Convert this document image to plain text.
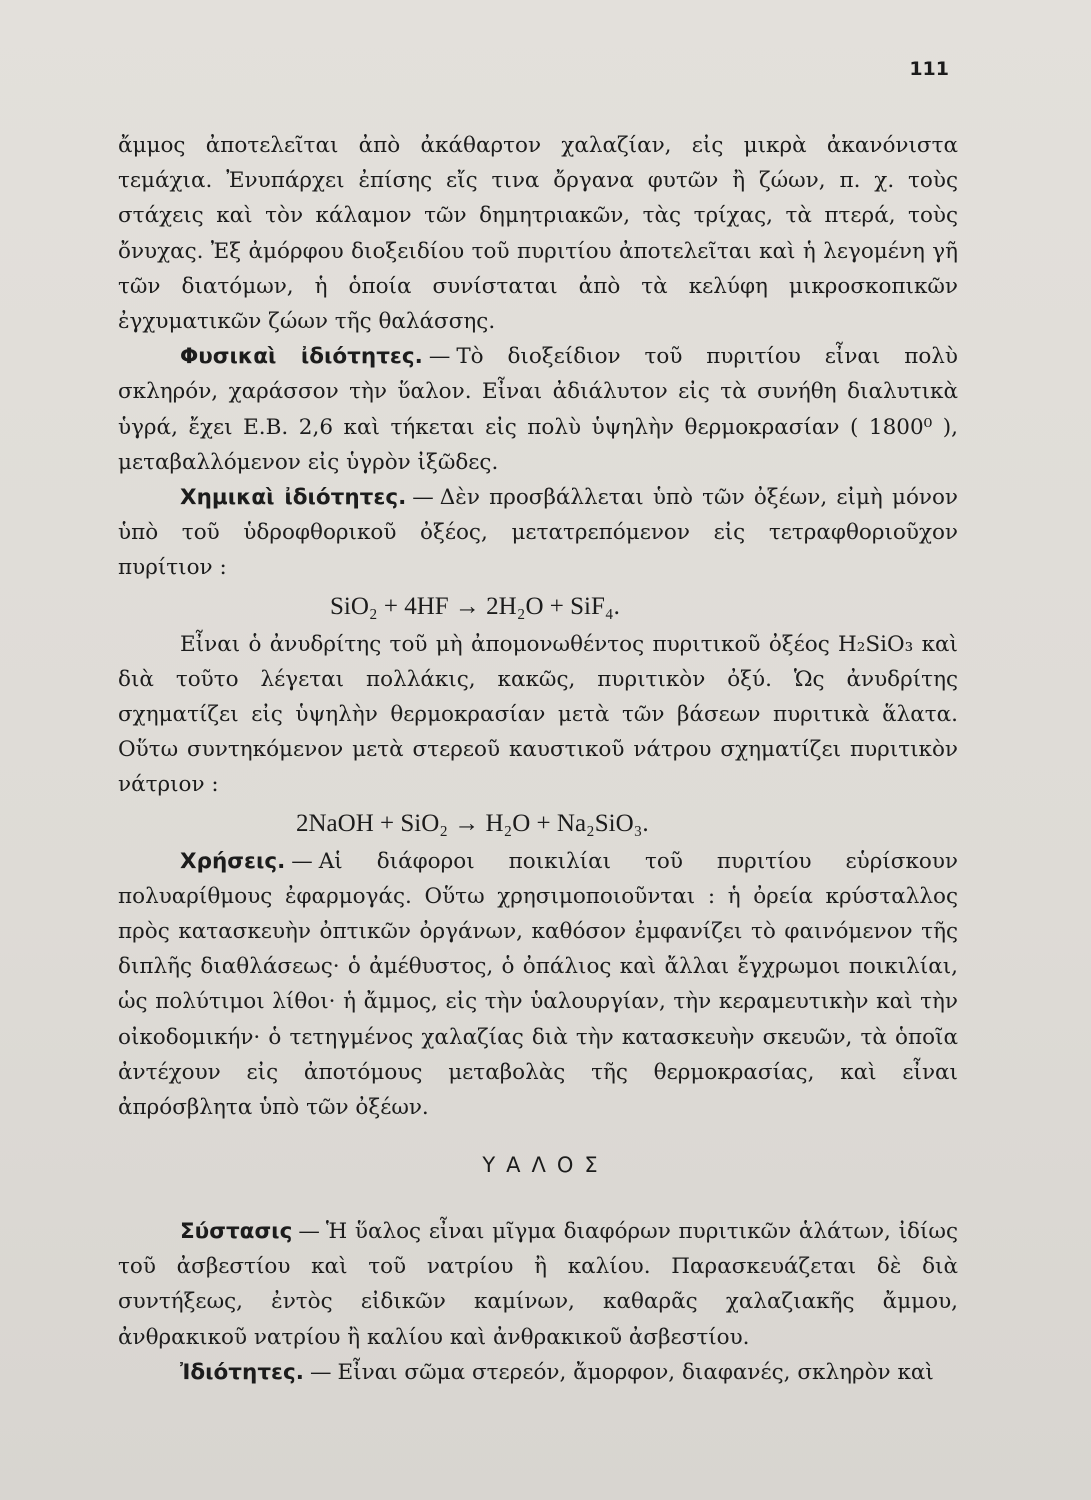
111

ἄμμος ἀποτελεῖται ἀπὸ ἀκάθαρτον χαλαζίαν, εἰς μικρὰ ἀκανόνιστα τεμάχια. Ἐνυπάρχει ἐπίσης εἴς τινα ὄργανα φυτῶν ἢ ζώων, π. χ. τοὺς στάχεις καὶ τὸν κάλαμον τῶν δημητριακῶν, τὰς τρίχας, τὰ πτερά, τοὺς ὄνυχας. Ἐξ ἀμόρφου διοξειδίου τοῦ πυριτίου ἀποτελεῖται καὶ ἡ λεγομένη γῆ τῶν διατόμων, ἡ ὁποία συνίσταται ἀπὸ τὰ κελύφη μικροσκοπικῶν ἐγχυματικῶν ζώων τῆς θαλάσσης.

Φυσικαὶ ἰδιότητες. — Τὸ διοξείδιον τοῦ πυριτίου εἶναι πολὺ σκληρόν, χαράσσον τὴν ὕαλον. Εἶναι ἀδιάλυτον εἰς τὰ συνήθη διαλυτικὰ ὑγρά, ἔχει Ε.Β. 2,6 καὶ τήκεται εἰς πολὺ ὑψηλὴν θερμοκρασίαν ( 1800⁰ ), μεταβαλλόμενον εἰς ὑγρὸν ἰξῶδες.

Χημικαὶ ἰδιότητες. — Δὲν προσβάλλεται ὑπὸ τῶν ὀξέων, εἰμὴ μόνον ὑπὸ τοῦ ὑδροφθορικοῦ ὀξέος, μετατρεπόμενον εἰς τετραφθοριοῦχον πυρίτιον :

SiO₂ + 4HF → 2H₂O + SiF₄.

Εἶναι ὁ ἀνυδρίτης τοῦ μὴ ἀπομονωθέντος πυριτικοῦ ὀξέος H₂SiO₃ καὶ διὰ τοῦτο λέγεται πολλάκις, κακῶς, πυριτικὸν ὀξύ. Ὡς ἀνυδρίτης σχηματίζει εἰς ὑψηλὴν θερμοκρασίαν μετὰ τῶν βάσεων πυριτικὰ ἅλατα. Οὕτω συντηκόμενον μετὰ στερεοῦ καυστικοῦ νάτρου σχηματίζει πυριτικὸν νάτριον :

2NaOH + SiO₂ → H₂O + Na₂SiO₃.

Χρήσεις. — Αἱ διάφοροι ποικιλίαι τοῦ πυριτίου εὑρίσκουν πολυαρίθμους ἐφαρμογάς. Οὕτω χρησιμοποιοῦνται : ἡ ὀρεία κρύσταλλος πρὸς κατασκευὴν ὀπτικῶν ὀργάνων, καθόσον ἐμφανίζει τὸ φαινόμενον τῆς διπλῆς διαθλάσεως· ὁ ἀμέθυστος, ὁ ὀπάλιος καὶ ἄλλαι ἔγχρωμοι ποικιλίαι, ὡς πολύτιμοι λίθοι· ἡ ἄμμος, εἰς τὴν ὑαλουργίαν, τὴν κεραμευτικὴν καὶ τὴν οἰκοδομικήν· ὁ τετηγμένος χαλαζίας διὰ τὴν κατασκευὴν σκευῶν, τὰ ὁποῖα ἀντέχουν εἰς ἀποτόμους μεταβολὰς τῆς θερμοκρασίας, καὶ εἶναι ἀπρόσβλητα ὑπὸ τῶν ὀξέων.

ΥΑΛΟΣ

Σύστασις — Ἡ ὕαλος εἶναι μῖγμα διαφόρων πυριτικῶν ἁλάτων, ἰδίως τοῦ ἀσβεστίου καὶ τοῦ νατρίου ἢ καλίου. Παρασκευάζεται δὲ διὰ συντήξεως, ἐντὸς εἰδικῶν καμίνων, καθαρᾶς χαλαζιακῆς ἄμμου, ἀνθρακικοῦ νατρίου ἢ καλίου καὶ ἀνθρακικοῦ ἀσβεστίου.

Ἰδιότητες. — Εἶναι σῶμα στερεόν, ἄμορφον, διαφανές, σκληρὸν καὶ
